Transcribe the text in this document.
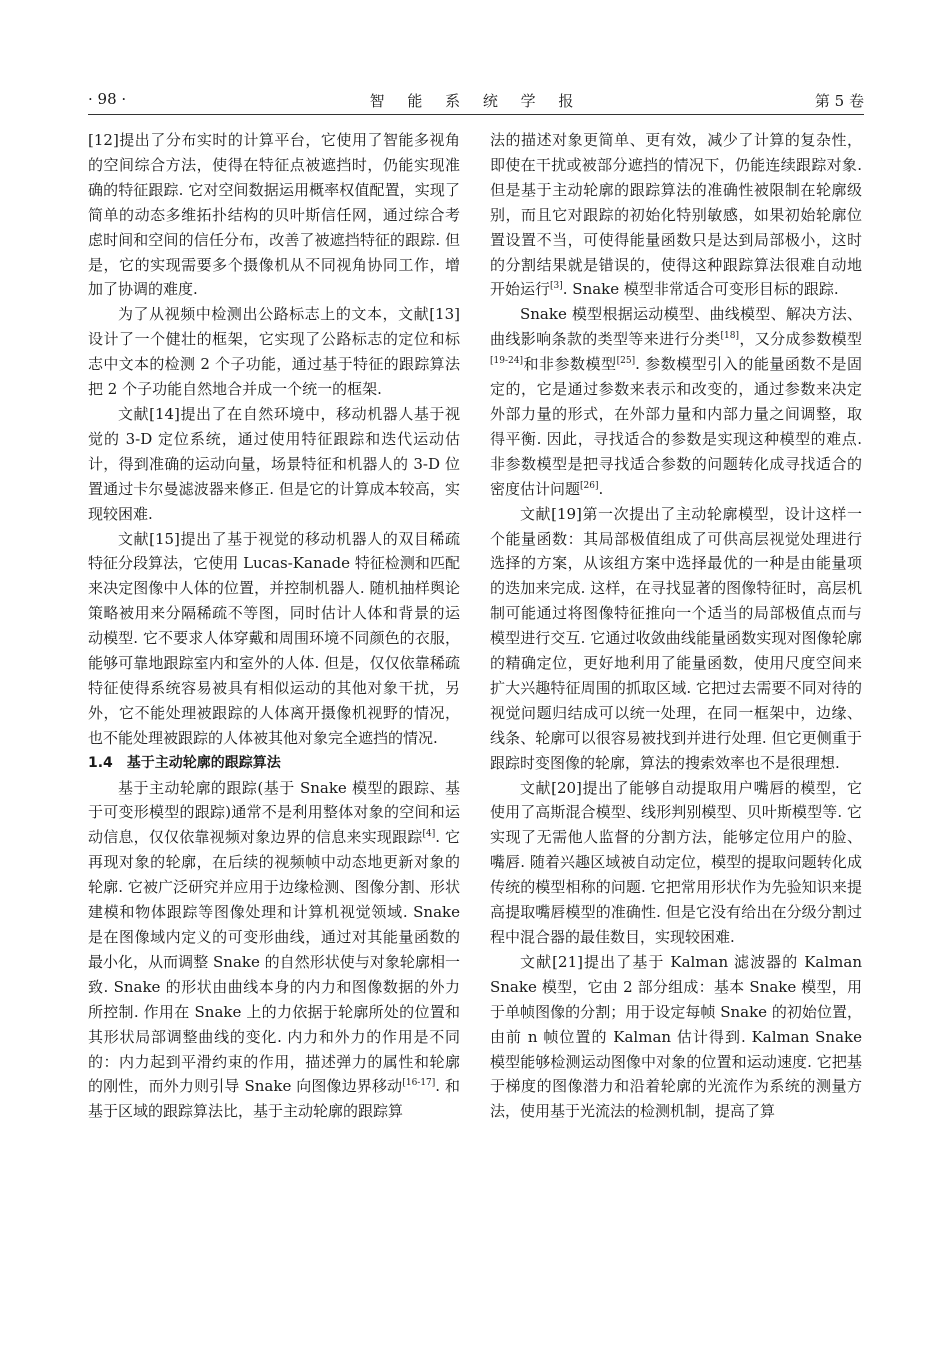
· 98 ·	智 能 系 统 学 报	第 5 卷

[12]提出了分布实时的计算平台，它使用了智能多视角的空间综合方法，使得在特征点被遮挡时，仍能实现准确的特征跟踪. 它对空间数据运用概率权值配置，实现了简单的动态多维拓扑结构的贝叶斯信任网，通过综合考虑时间和空间的信任分布，改善了被遮挡特征的跟踪. 但是，它的实现需要多个摄像机从不同视角协同工作，增加了协调的难度.

为了从视频中检测出公路标志上的文本，文献[13]设计了一个健壮的框架，它实现了公路标志的定位和标志中文本的检测 2 个子功能，通过基于特征的跟踪算法把 2 个子功能自然地合并成一个统一的框架.

文献[14]提出了在自然环境中，移动机器人基于视觉的 3-D 定位系统，通过使用特征跟踪和迭代运动估计，得到准确的运动向量，场景特征和机器人的 3-D 位置通过卡尔曼滤波器来修正. 但是它的计算成本较高，实现较困难.

文献[15]提出了基于视觉的移动机器人的双目稀疏特征分段算法，它使用 Lucas-Kanade 特征检测和匹配来决定图像中人体的位置，并控制机器人. 随机抽样舆论策略被用来分隔稀疏不等图，同时估计人体和背景的运动模型. 它不要求人体穿戴和周围环境不同颜色的衣服，能够可靠地跟踪室内和室外的人体. 但是，仅仅依靠稀疏特征使得系统容易被具有相似运动的其他对象干扰，另外，它不能处理被跟踪的人体离开摄像机视野的情况，也不能处理被跟踪的人体被其他对象完全遮挡的情况.

1.4　基于主动轮廓的跟踪算法

基于主动轮廓的跟踪(基于 Snake 模型的跟踪、基于可变形模型的跟踪)通常不是利用整体对象的空间和运动信息，仅仅依靠视频对象边界的信息来实现跟踪[4]. 它再现对象的轮廓，在后续的视频帧中动态地更新对象的轮廓. 它被广泛研究并应用于边缘检测、图像分割、形状建模和物体跟踪等图像处理和计算机视觉领域. Snake 是在图像域内定义的可变形曲线，通过对其能量函数的最小化，从而调整 Snake 的自然形状使与对象轮廓相一致. Snake 的形状由曲线本身的内力和图像数据的外力所控制. 作用在 Snake 上的力依据于轮廓所处的位置和其形状局部调整曲线的变化. 内力和外力的作用是不同的：内力起到平滑约束的作用，描述弹力的属性和轮廓的刚性，而外力则引导 Snake 向图像边界移动[16-17]. 和基于区域的跟踪算法比，基于主动轮廓的跟踪算

法的描述对象更简单、更有效，减少了计算的复杂性，即使在干扰或被部分遮挡的情况下，仍能连续跟踪对象. 但是基于主动轮廓的跟踪算法的准确性被限制在轮廓级别，而且它对跟踪的初始化特别敏感，如果初始轮廓位置设置不当，可使得能量函数只是达到局部极小，这时的分割结果就是错误的，使得这种跟踪算法很难自动地开始运行[3]. Snake 模型非常适合可变形目标的跟踪.

Snake 模型根据运动模型、曲线模型、解决方法、曲线影响条款的类型等来进行分类[18]，又分成参数模型[19-24]和非参数模型[25]. 参数模型引入的能量函数不是固定的，它是通过参数来表示和改变的，通过参数来决定外部力量的形式，在外部力量和内部力量之间调整，取得平衡. 因此，寻找适合的参数是实现这种模型的难点. 非参数模型是把寻找适合参数的问题转化成寻找适合的密度估计问题[26].

文献[19]第一次提出了主动轮廓模型，设计这样一个能量函数：其局部极值组成了可供高层视觉处理进行选择的方案，从该组方案中选择最优的一种是由能量项的迭加来完成. 这样，在寻找显著的图像特征时，高层机制可能通过将图像特征推向一个适当的局部极值点而与模型进行交互. 它通过收敛曲线能量函数实现对图像轮廓的精确定位，更好地利用了能量函数，使用尺度空间来扩大兴趣特征周围的抓取区域. 它把过去需要不同对待的视觉问题归结成可以统一处理，在同一框架中，边缘、线条、轮廓可以很容易被找到并进行处理. 但它更侧重于跟踪时变图像的轮廓，算法的搜索效率也不是很理想.

文献[20]提出了能够自动提取用户嘴唇的模型，它使用了高斯混合模型、线形判别模型、贝叶斯模型等. 它实现了无需他人监督的分割方法，能够定位用户的脸、嘴唇. 随着兴趣区域被自动定位，模型的提取问题转化成传统的模型相称的问题. 它把常用形状作为先验知识来提高提取嘴唇模型的准确性. 但是它没有给出在分级分割过程中混合器的最佳数目，实现较困难.

文献[21]提出了基于 Kalman 滤波器的 Kalman Snake 模型，它由 2 部分组成：基本 Snake 模型，用于单帧图像的分割；用于设定每帧 Snake 的初始位置，由前 n 帧位置的 Kalman 估计得到. Kalman Snake 模型能够检测运动图像中对象的位置和运动速度. 它把基于梯度的图像潜力和沿着轮廓的光流作为系统的测量方法，使用基于光流法的检测机制，提高了算
